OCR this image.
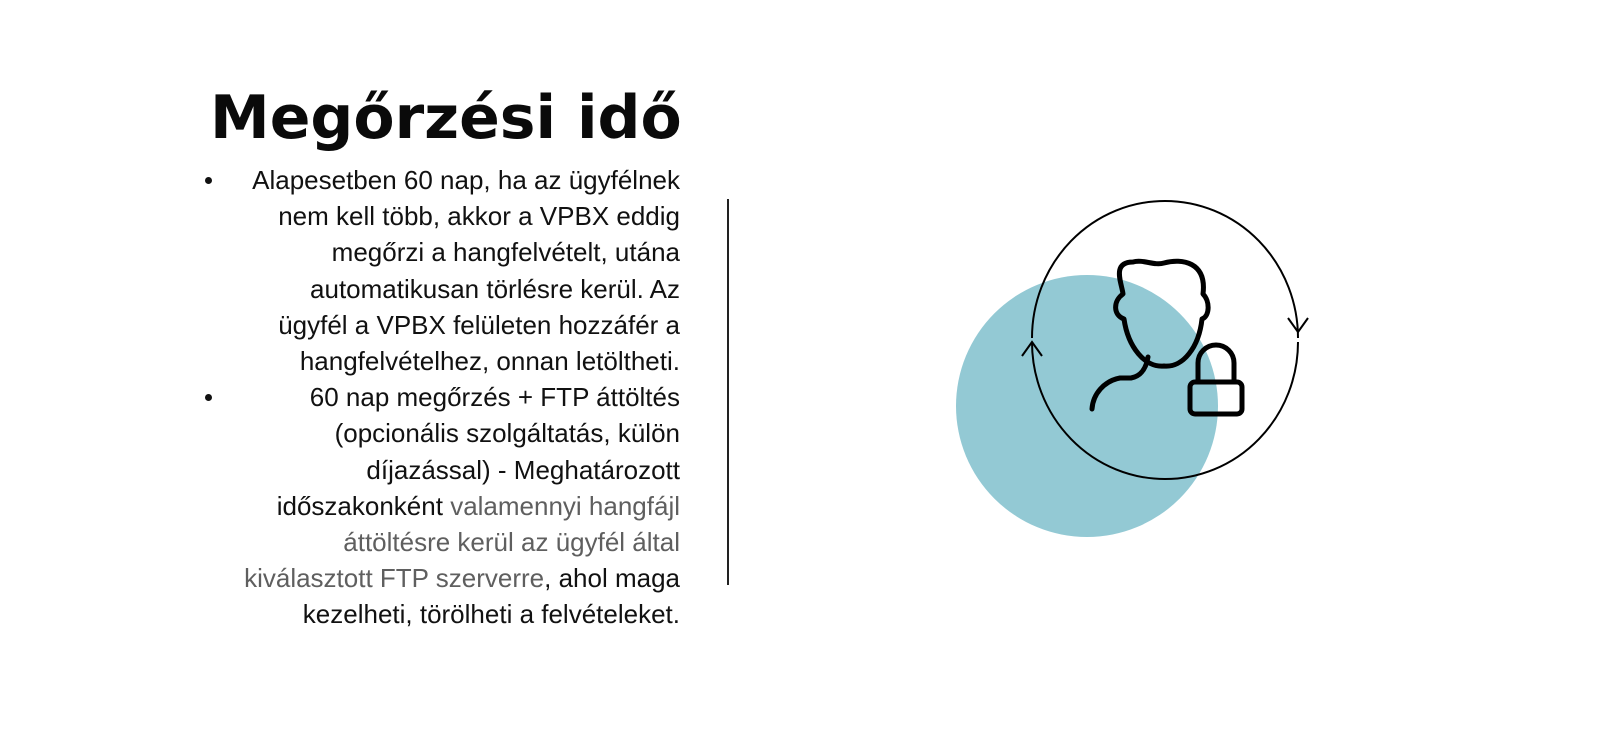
Megőrzési idő
Alapesetben 60 nap, ha az ügyfélnek nem kell több, akkor a VPBX eddig megőrzi a hangfelvételt, utána automatikusan törlésre kerül. Az ügyfél a VPBX felületen hozzáfér a hangfelvételhez, onnan letöltheti.
60 nap megőrzés + FTP áttöltés (opcionális szolgáltatás, külön díjazással) - Meghatározott időszakonként valamennyi hangfájl áttöltésre kerül az ügyfél által kiválasztott FTP szerverre, ahol maga kezelheti, törölheti a felvételeket.
